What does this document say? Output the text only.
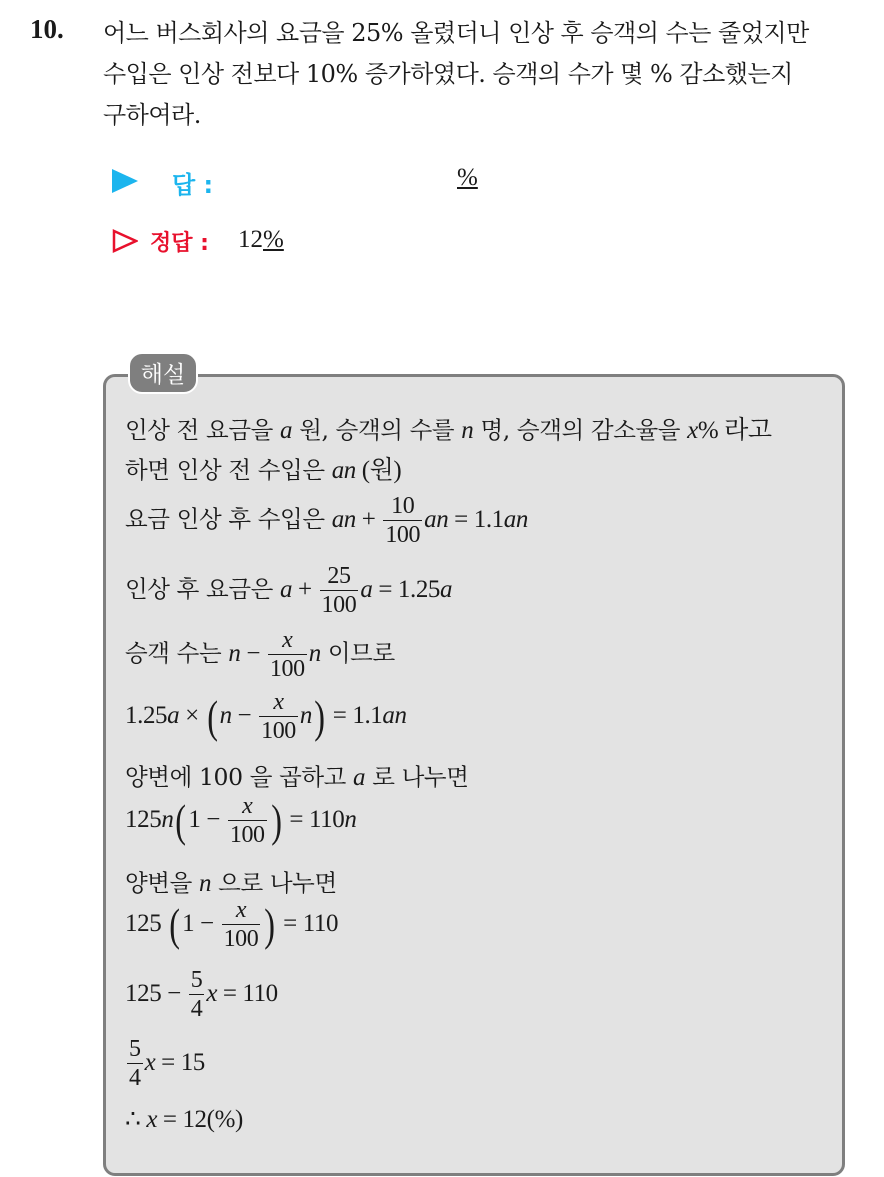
10. 어느 버스회사의 요금을 25% 올렸더니 인상 후 승객의 수는 줄었지만
수입은 인상 전보다 10% 증가하였다. 승객의 수가 몇 % 감소했는지
구하여라.
답 :	%
정답 : 12%
해설
인상 전 요금을 a 원, 승객의 수를 n 명, 승객의 감소율을 x% 라고
하면 인상 전 수입은 an (원)
요금 인상 후 수입은 an + $\frac{10}{100}$ an = 1.1an
인상 후 요금은 $a + \frac{25}{100}$ a = 1.25a
승객 수는 $n - \frac{x}{100}$ n 이므로
$1.25a \times (n - \frac{x}{100} n) = 1.1an$
양변에 100 을 곱하고 a 로 나누면
$125n(1 - \frac{x}{100}$ ) = 110n
양변을 n 으로 나누면
125 ($1 - \frac{x}{100}$ ) = 110
$125 - \frac{5}{4}$ x = 110
$\frac{5}{4}$ x = 15
∴ x = 12(%)
